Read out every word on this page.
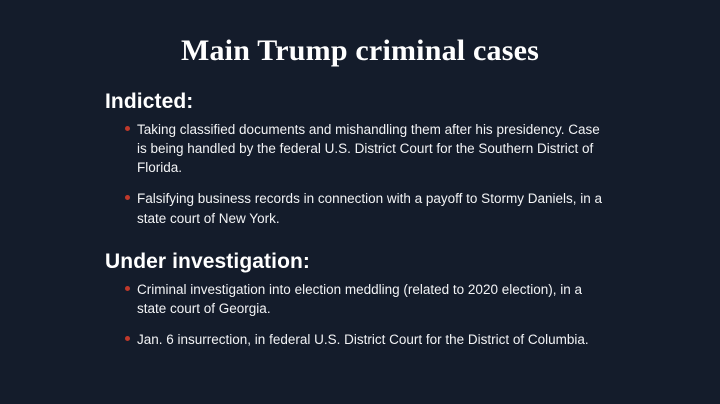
Main Trump criminal cases
Indicted:
Taking classified documents and mishandling them after his presidency. Case is being handled by the federal U.S. District Court for the Southern District of Florida.
Falsifying business records in connection with a payoff to Stormy Daniels, in a state court of New York.
Under investigation:
Criminal investigation into election meddling (related to 2020 election), in a state court of Georgia.
Jan. 6 insurrection, in federal U.S. District Court for the District of Columbia.
